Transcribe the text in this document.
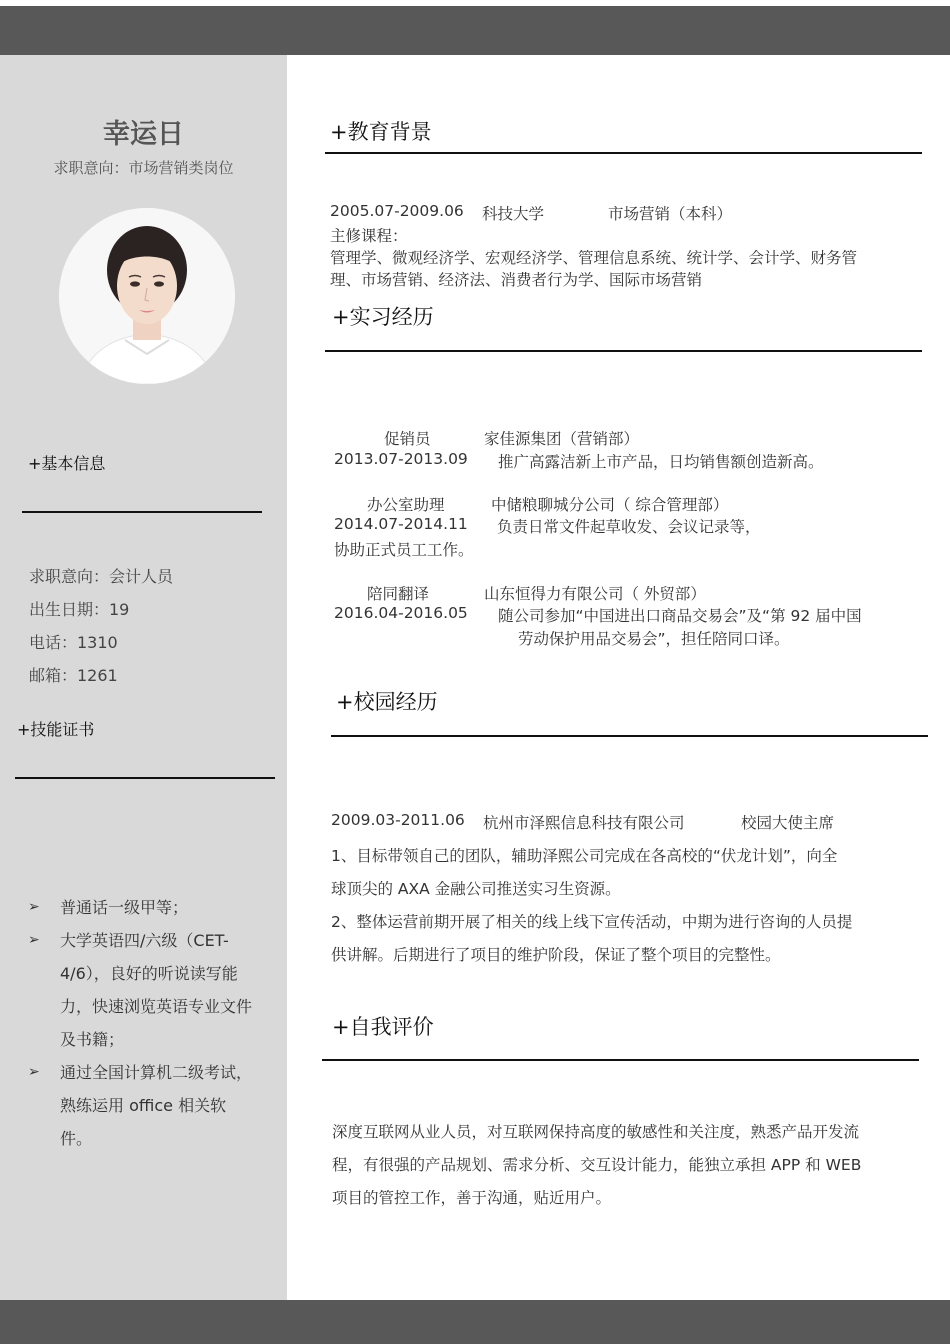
幸运日
求职意向：市场营销类岗位
+基本信息
求职意向：会计人员
出生日期：19
电话：1310
邮箱：1261
+技能证书
➢ 普通话一级甲等；
➢ 大学英语四/六级（CET-4/6），良好的听说读写能力，快速浏览英语专业文件及书籍；
➢ 通过全国计算机二级考试，熟练运用 office 相关软件。
+教育背景
2005.07-2009.06 科技大学	市场营销（本科）
主修课程：
管理学、微观经济学、宏观经济学、管理信息系统、统计学、会计学、财务管
理、市场营销、经济法、消费者行为学、国际市场营销
+实习经历
促销员	家佳源集团（营销部）
2013.07-2013.09 推广高露洁新上市产品，日均销售额创造新高。
办公室助理	中储粮聊城分公司（ 综合管理部）
2014.07-2014.11 负责日常文件起草收发、会议记录等，
协助正式员工工作。
陪同翻译	山东恒得力有限公司（ 外贸部）
2016.04-2016.05 随公司参加“中国进出口商品交易会”及“第 92 届中国
劳动保护用品交易会”，担任陪同口译。
+校园经历
2009.03-2011.06 杭州市泽熙信息科技有限公司	校园大使主席
1、目标带领自己的团队，辅助泽熙公司完成在各高校的“伏龙计划”，向全
球顶尖的 AXA 金融公司推送实习生资源。
2、整体运营前期开展了相关的线上线下宣传活动，中期为进行咨询的人员提
供讲解。后期进行了项目的维护阶段，保证了整个项目的完整性。
+自我评价
深度互联网从业人员，对互联网保持高度的敏感性和关注度，熟悉产品开发流
程，有很强的产品规划、需求分析、交互设计能力，能独立承担 APP 和 WEB
项目的管控工作，善于沟通，贴近用户。
